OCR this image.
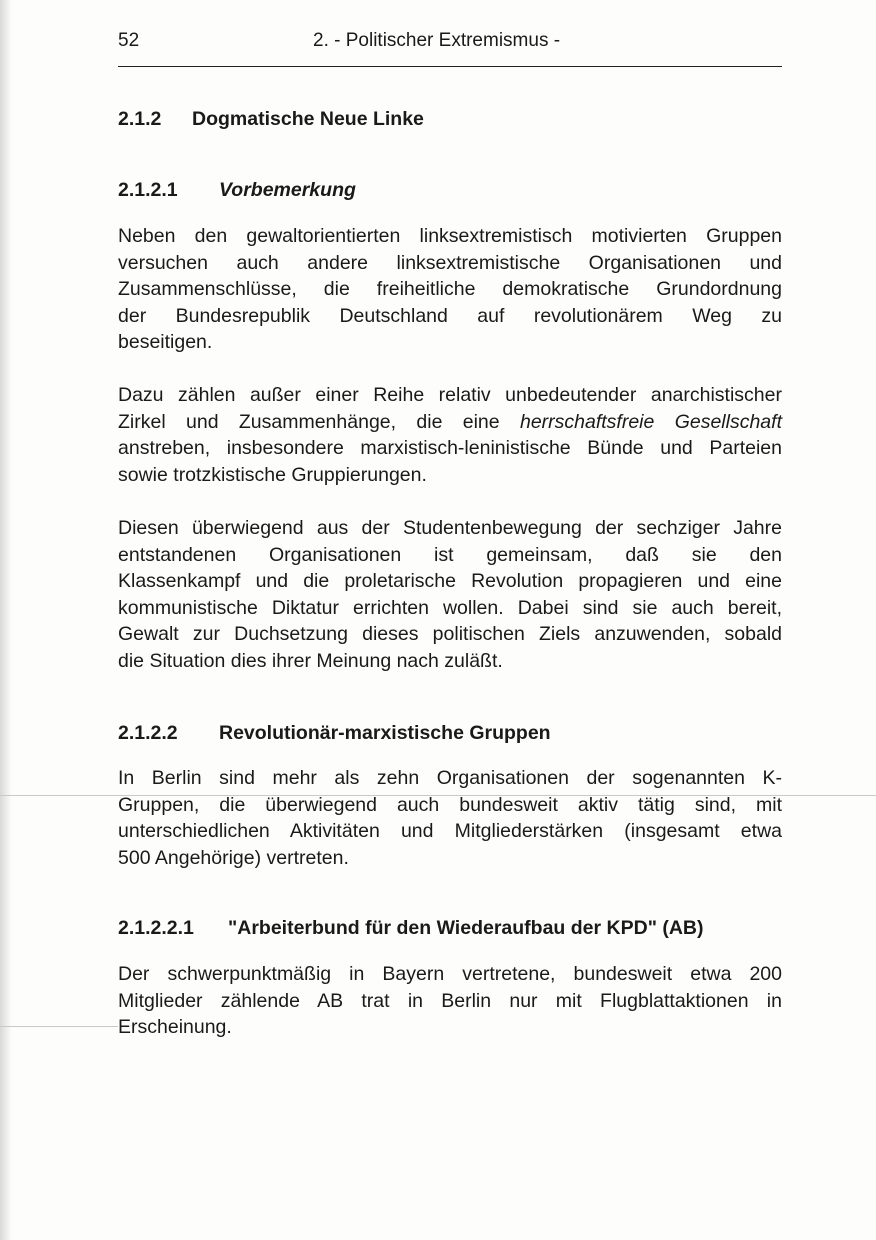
52	2. - Politischer Extremismus -
2.1.2 Dogmatische Neue Linke
2.1.2.1 Vorbemerkung
Neben den gewaltorientierten linksextremistisch motivierten Gruppen
versuchen auch andere linksextremistische Organisationen und
Zusammenschlüsse, die freiheitliche demokratische Grundordnung
der Bundesrepublik Deutschland auf revolutionärem Weg zu
beseitigen.
Dazu zählen außer einer Reihe relativ unbedeutender anarchistischer
Zirkel und Zusammenhänge, die eine herrschaftsfreie Gesellschaft
anstreben, insbesondere marxistisch-leninistische Bünde und Parteien
sowie trotzkistische Gruppierungen.
Diesen überwiegend aus der Studentenbewegung der sechziger Jahre
entstandenen Organisationen ist gemeinsam, daß sie den
Klassenkampf und die proletarische Revolution propagieren und eine
kommunistische Diktatur errichten wollen. Dabei sind sie auch bereit,
Gewalt zur Duchsetzung dieses politischen Ziels anzuwenden, sobald
die Situation dies ihrer Meinung nach zuläßt.
2.1.2.2 Revolutionär-marxistische Gruppen
In Berlin sind mehr als zehn Organisationen der sogenannten K-
Gruppen, die überwiegend auch bundesweit aktiv tätig sind, mit
unterschiedlichen Aktivitäten und Mitgliederstärken (insgesamt etwa
500 Angehörige) vertreten.
2.1.2.2.1 "Arbeiterbund für den Wiederaufbau der KPD" (AB)
Der schwerpunktmäßig in Bayern vertretene, bundesweit etwa 200
Mitglieder zählende AB trat in Berlin nur mit Flugblattaktionen in
Erscheinung.
